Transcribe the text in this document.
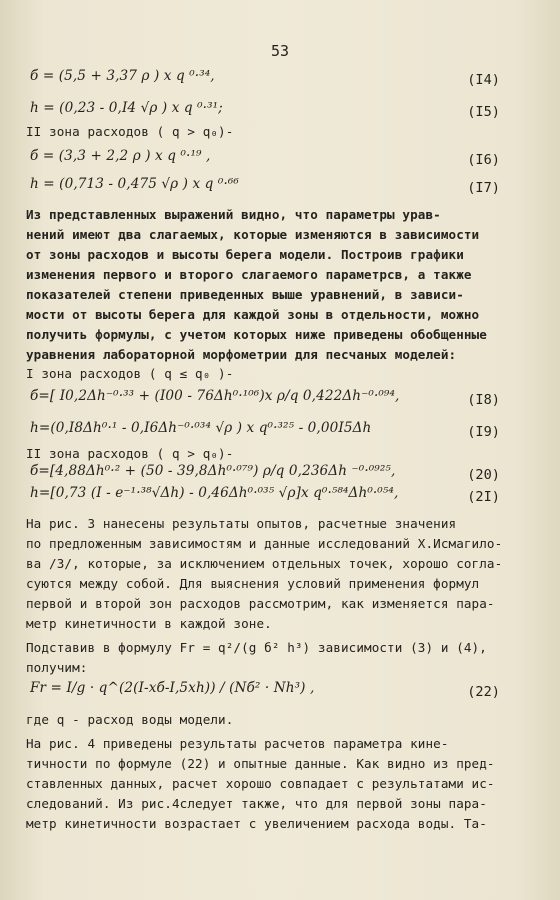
53
б = (5,5 + 3,37 ρ ) x q ⁰·³⁴,	(I4)
h = (0,23 - 0,I4 √ρ ) x q ⁰·³¹;	(I5)
II зона расходов ( q > q₀)-
б = (3,3 + 2,2 ρ ) x q ⁰·¹⁹ ,	(I6)
h = (0,713 - 0,475 √ρ ) x q ⁰·⁶⁶	(I7)
Из представленных выражений видно, что параметры урав-
нений имеют два слагаемых, которые изменяются в зависимости
от зоны расходов и высоты берега модели. Построив графики
изменения первого и второго слагаемого параметрсв, а также
показателей степени приведенных выше уравнений, в зависи-
мости от высоты берега для каждой зоны в отдельности, можно
получить формулы, с учетом которых ниже приведены обобщенные
уравнения лабораторной морфометрии для песчаных моделей:
I зона расходов ( q ≤ q₀ )-
б=[ I0,2Δh⁻⁰·³³ + (I00 - 76Δh⁰·¹⁰⁶)x ρ/q 0,422Δh⁻⁰·⁰⁹⁴,	(I8)
h=(0,I8Δh⁰·¹ - 0,I6Δh⁻⁰·⁰³⁴ √ρ ) x q⁰·³²⁵ - 0,00I5Δh	(I9)
II зона расходов ( q > q₀)-
б=[4,88Δh⁰·² + (50 - 39,8Δh⁰·⁰⁷⁹) ρ/q 0,236Δh ⁻⁰·⁰⁹²⁵,	(20)
h=[0,73 (I - e⁻¹·³⁸√Δh) - 0,46Δh⁰·⁰³⁵ √ρ]x q⁰·⁵⁸⁴Δh⁰·⁰⁵⁴,	(2I)
На рис. 3 нанесены результаты опытов, расчетные значения
по предложенным зависимостям и данные исследований Х.Исмагило-
ва /3/, которые, за исключением отдельных точек, хорошо согла-
суются между собой. Для выяснения условий применения формул
первой и второй зон расходов рассмотрим, как изменяется пара-
метр кинетичности в каждой зоне.
Подставив в формулу Fr = q²/(g б² h³) зависимости (3) и (4),
получим:
Fr = I/g · q^(2(I-xб-I,5xh)) / (Nб² · Nh³) ,	(22)
где q - расход воды модели.
На рис. 4 приведены результаты расчетов параметра кине-
тичности по формуле (22) и опытные данные. Как видно из пред-
ставленных данных, расчет хорошо совпадает с результатами ис-
следований. Из рис.4следует также, что для первой зоны пара-
метр кинетичности возрастает с увеличением расхода воды. Та-
